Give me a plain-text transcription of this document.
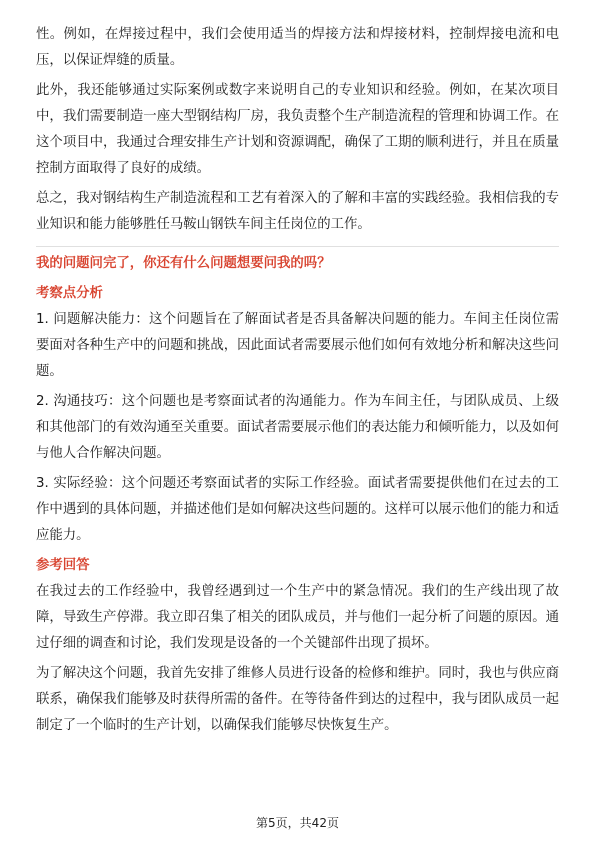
性。例如，在焊接过程中，我们会使用适当的焊接方法和焊接材料，控制焊接电流和电压，以保证焊缝的质量。

此外，我还能够通过实际案例或数字来说明自己的专业知识和经验。例如，在某次项目中，我们需要制造一座大型钢结构厂房，我负责整个生产制造流程的管理和协调工作。在这个项目中，我通过合理安排生产计划和资源调配，确保了工期的顺利进行，并且在质量控制方面取得了良好的成绩。

总之，我对钢结构生产制造流程和工艺有着深入的了解和丰富的实践经验。我相信我的专业知识和能力能够胜任马鞍山钢铁车间主任岗位的工作。

我的问题问完了，你还有什么问题想要问我的吗？

考察点分析

1. 问题解决能力：这个问题旨在了解面试者是否具备解决问题的能力。车间主任岗位需要面对各种生产中的问题和挑战，因此面试者需要展示他们如何有效地分析和解决这些问题。

2. 沟通技巧：这个问题也是考察面试者的沟通能力。作为车间主任，与团队成员、上级和其他部门的有效沟通至关重要。面试者需要展示他们的表达能力和倾听能力，以及如何与他人合作解决问题。

3. 实际经验：这个问题还考察面试者的实际工作经验。面试者需要提供他们在过去的工作中遇到的具体问题，并描述他们是如何解决这些问题的。这样可以展示他们的能力和适应能力。

参考回答

在我过去的工作经验中，我曾经遇到过一个生产中的紧急情况。我们的生产线出现了故障，导致生产停滞。我立即召集了相关的团队成员，并与他们一起分析了问题的原因。通过仔细的调查和讨论，我们发现是设备的一个关键部件出现了损坏。

为了解决这个问题，我首先安排了维修人员进行设备的检修和维护。同时，我也与供应商联系，确保我们能够及时获得所需的备件。在等待备件到达的过程中，我与团队成员一起制定了一个临时的生产计划，以确保我们能够尽快恢复生产。

第5页，共42页
